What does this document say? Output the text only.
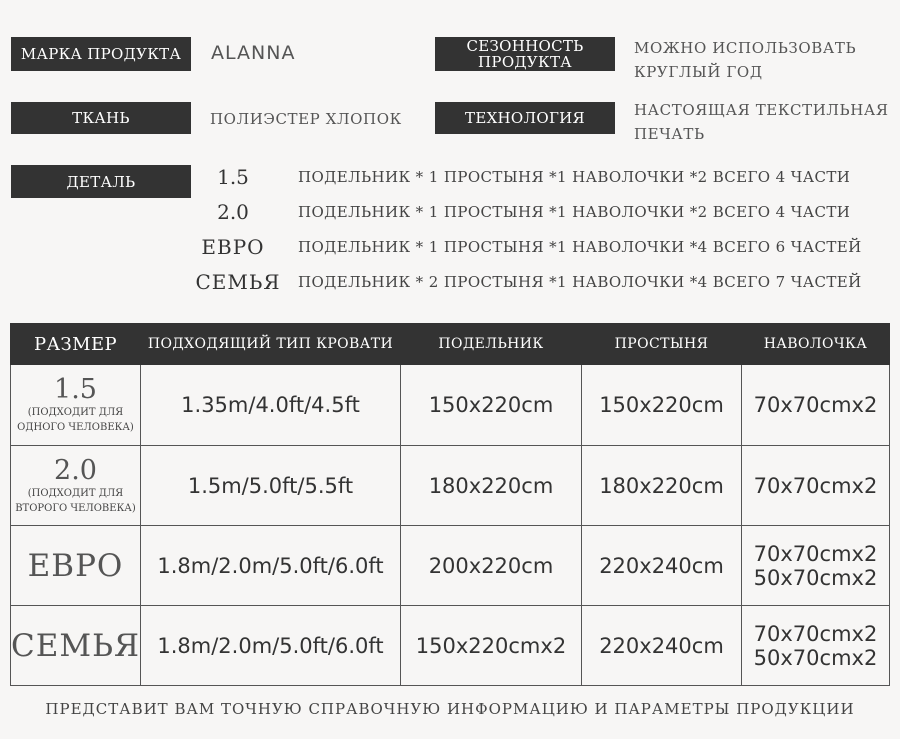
МАРКА ПРОДУКТА ALANNA	СЕЗОННОСТЬ ПРОДУКТА
МОЖНО ИСПОЛЬЗОВАТЬ
КРУГЛЫЙ ГОД
ТКАНЬ	ПОЛИЭСТЕР ХЛОПОК	ТЕХНОЛОГИЯ	НАСТОЯЩАЯ ТЕКСТИЛЬНАЯ
ПЕЧАТЬ
ДЕТАЛЬ	1.5	ПОДЕЛЬНИК * 1 ПРОСТЫНЯ *1 НАВОЛОЧКИ *2 ВСЕГО 4 ЧАСТИ
2.0	ПОДЕЛЬНИК * 1 ПРОСТЫНЯ *1 НАВОЛОЧКИ *2 ВСЕГО 4 ЧАСТИ
ЕВРО	ПОДЕЛЬНИК * 1 ПРОСТЫНЯ *1 НАВОЛОЧКИ *4 ВСЕГО 6 ЧАСТЕЙ
СЕМЬЯ	ПОДЕЛЬНИК * 2 ПРОСТЫНЯ *1 НАВОЛОЧКИ *4 ВСЕГО 7 ЧАСТЕЙ
РАЗМЕР	ПОДХОДЯЩИЙ ТИП КРОВАТИ	ПОДЕЛЬНИК	ПРОСТЫНЯ	НАВОЛОЧКА

1.5
(ПОДХОДИТ ДЛЯ
ОДНОГО ЧЕЛОВЕКА)	1.35m/4.0ft/4.5ft	150x220cm	150x220cm	70x70cmx2

2.0
(ПОДХОДИТ ДЛЯ
ВТОРОГО ЧЕЛОВЕКА)	1.5m/5.0ft/5.5ft	180x220cm	180x220cm	70x70cmx2

ЕВРО	1.8m/2.0m/5.0ft/6.0ft	200x220cm	220x240cm	70x70cmx2
50x70cmx2

СЕМЬЯ	1.8m/2.0m/5.0ft/6.0ft	150x220cmx2	220x240cm	70x70cmx2
50x70cmx2
ПРЕДСТАВИТ ВАМ ТОЧНУЮ СПРАВОЧНУЮ ИНФОРМАЦИЮ И ПАРАМЕТРЫ ПРОДУКЦИИ
